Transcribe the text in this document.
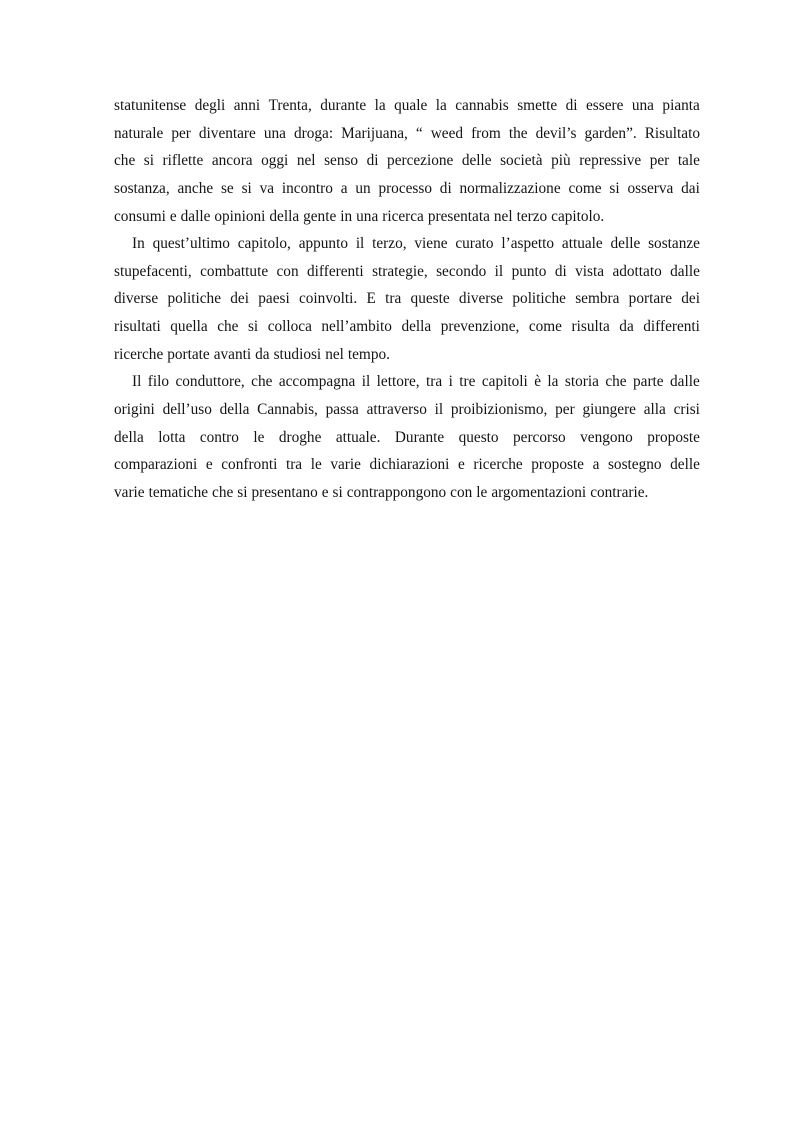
statunitense degli anni Trenta, durante la quale la cannabis smette di essere una pianta
naturale per diventare una droga: Marijuana, “ weed from the devil’s garden”. Risultato
che si riflette ancora oggi nel senso di percezione delle società più repressive per tale
sostanza, anche se si va incontro a un processo di normalizzazione come si osserva dai
consumi e dalle opinioni della gente in una ricerca presentata nel terzo capitolo.
In quest’ultimo capitolo, appunto il terzo, viene curato l’aspetto attuale delle sostanze
stupefacenti, combattute con differenti strategie, secondo il punto di vista adottato dalle
diverse politiche dei paesi coinvolti. E tra queste diverse politiche sembra portare dei
risultati quella che si colloca nell’ambito della prevenzione, come risulta da differenti
ricerche portate avanti da studiosi nel tempo.
Il filo conduttore, che accompagna il lettore, tra i tre capitoli è la storia che parte dalle
origini dell’uso della Cannabis, passa attraverso il proibizionismo, per giungere alla crisi
della lotta contro le droghe attuale. Durante questo percorso vengono proposte
comparazioni e confronti tra le varie dichiarazioni e ricerche proposte a sostegno delle
varie tematiche che si presentano e si contrappongono con le argomentazioni contrarie.
